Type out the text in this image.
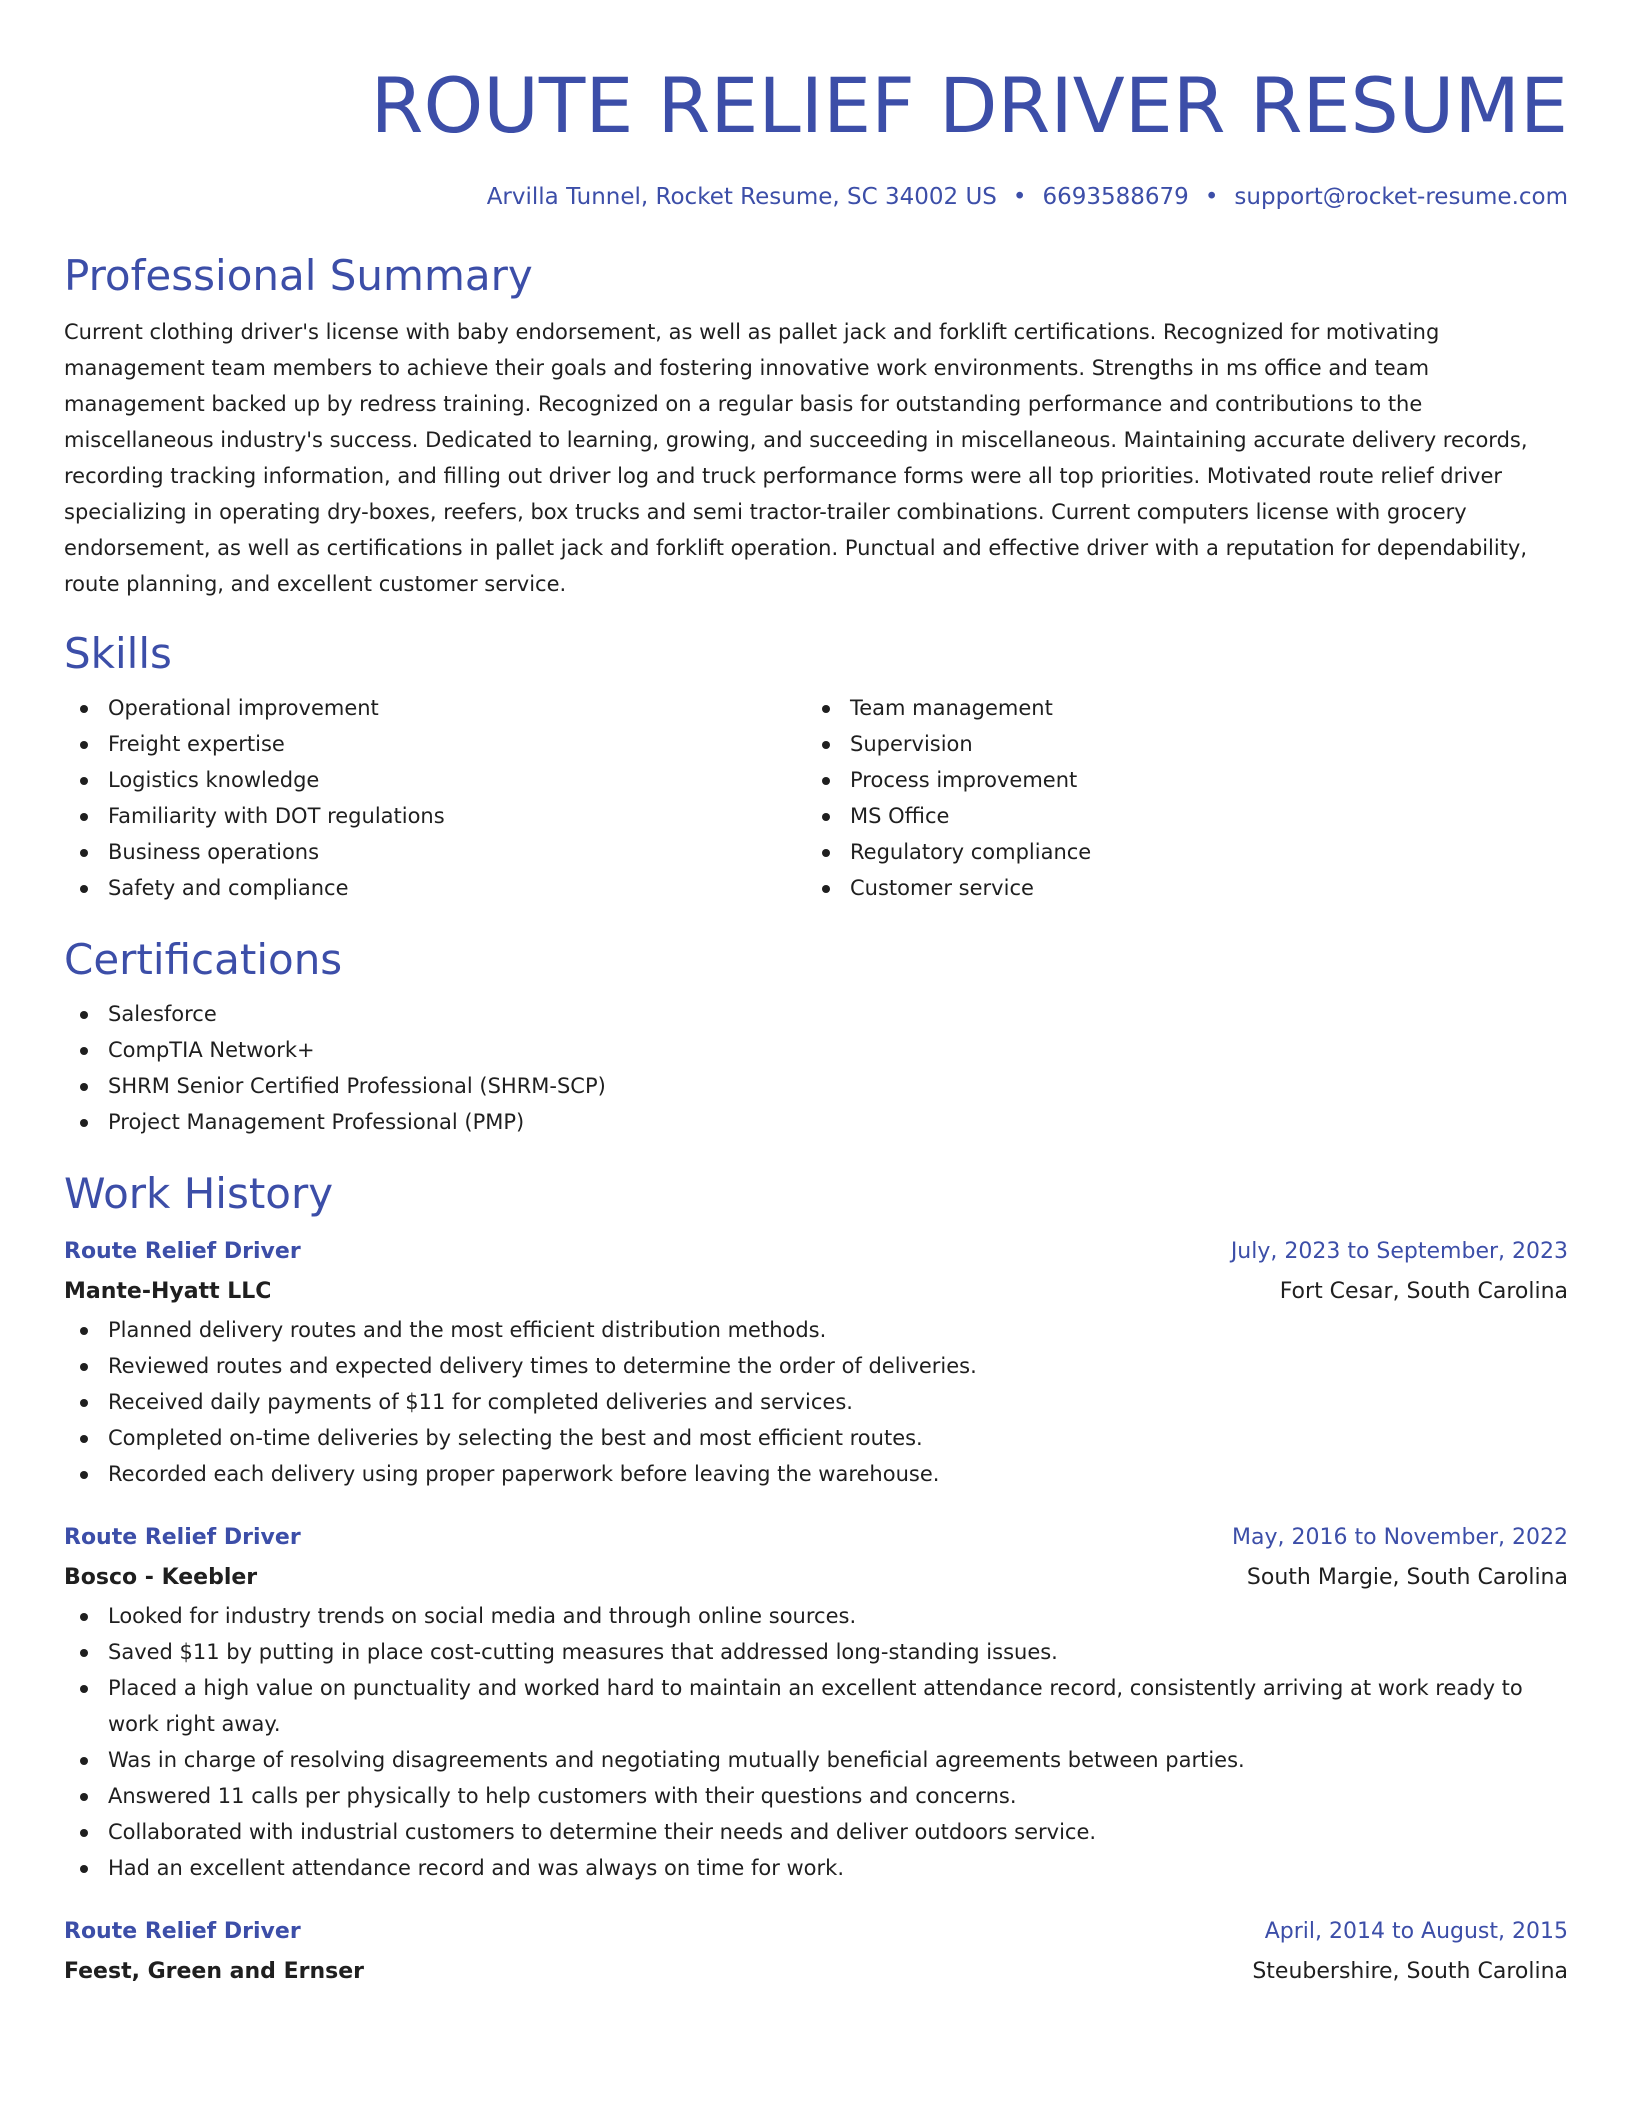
ROUTE RELIEF DRIVER RESUME
Arvilla Tunnel, Rocket Resume, SC 34002 US • 6693588679 • support@rocket-resume.com
Professional Summary

Current clothing driver's license with baby endorsement, as well as pallet jack and forklift certifications. Recognized for motivating management team members to achieve their goals and fostering innovative work environments. Strengths in ms office and team management backed up by redress training. Recognized on a regular basis for outstanding performance and contributions to the miscellaneous industry's success. Dedicated to learning, growing, and succeeding in miscellaneous. Maintaining accurate delivery records, recording tracking information, and filling out driver log and truck performance forms were all top priorities. Motivated route relief driver specializing in operating dry-boxes, reefers, box trucks and semi tractor-trailer combinations. Current computers license with grocery endorsement, as well as certifications in pallet jack and forklift operation. Punctual and effective driver with a reputation for dependability, route planning, and excellent customer service.

Skills
Operational improvement
Freight expertise
Logistics knowledge
Familiarity with DOT regulations
Business operations
Safety and compliance
Team management
Supervision
Process improvement
MS Office
Regulatory compliance
Customer service
Certifications
Salesforce
CompTIA Network+
SHRM Senior Certified Professional (SHRM-SCP)
Project Management Professional (PMP)
Work History
Route Relief Driver	July, 2023 to September, 2023
Mante-Hyatt LLC	Fort Cesar, South Carolina
Planned delivery routes and the most efficient distribution methods.
Reviewed routes and expected delivery times to determine the order of deliveries.
Received daily payments of $11 for completed deliveries and services.
Completed on-time deliveries by selecting the best and most efficient routes.
Recorded each delivery using proper paperwork before leaving the warehouse.
Route Relief Driver	May, 2016 to November, 2022
Bosco - Keebler	South Margie, South Carolina
Looked for industry trends on social media and through online sources.
Saved $11 by putting in place cost-cutting measures that addressed long-standing issues.
Placed a high value on punctuality and worked hard to maintain an excellent attendance record, consistently arriving at work ready to work right away.
Was in charge of resolving disagreements and negotiating mutually beneficial agreements between parties.
Answered 11 calls per physically to help customers with their questions and concerns.
Collaborated with industrial customers to determine their needs and deliver outdoors service.
Had an excellent attendance record and was always on time for work.
Route Relief Driver	April, 2014 to August, 2015
Feest, Green and Ernser	Steubershire, South Carolina
